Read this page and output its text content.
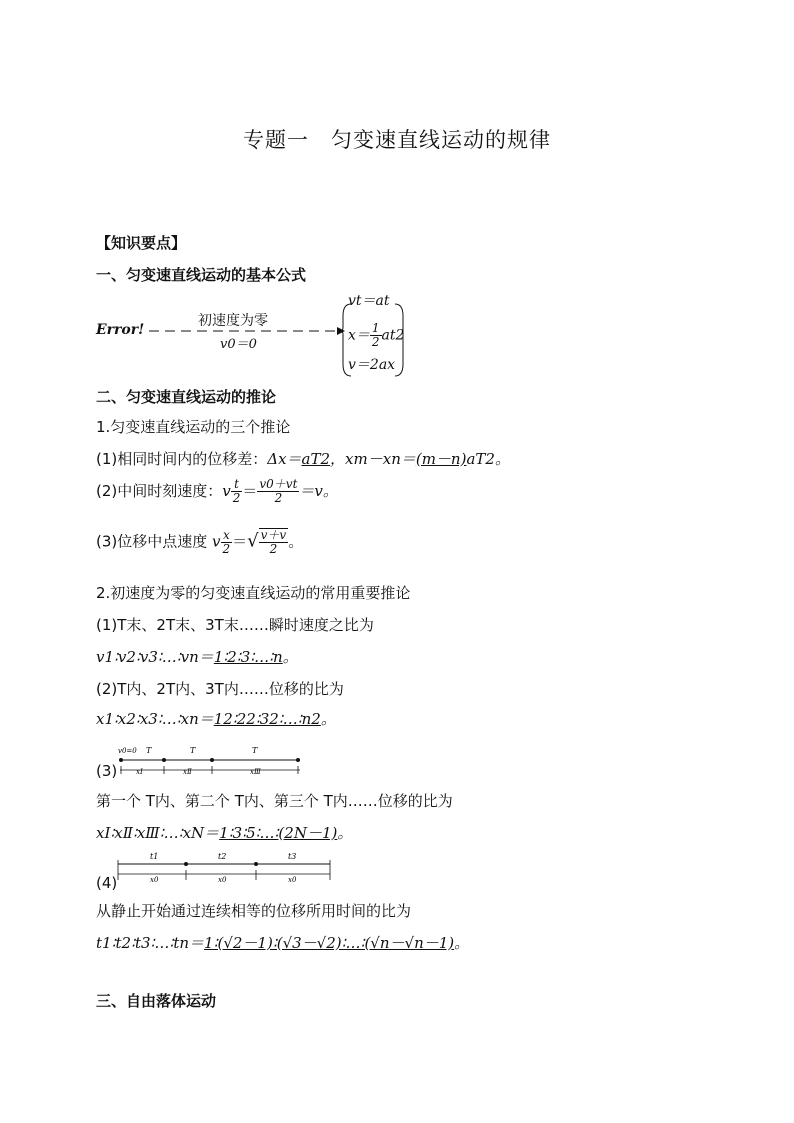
专题一　匀变速直线运动的规律
【知识要点】
一、匀变速直线运动的基本公式
Error!
初速度为零
v0＝0
vt＝at
$x= \frac{1}{2} at2$
v＝2ax
二、匀变速直线运动的推论
1.匀变速直线运动的三个推论
(1)相同时间内的位移差：Δx＝aT2，xm－xn＝(m－n)aT2。
(2)中间时刻速度：v $\frac{t}{2} = \frac{v0+vt}{2} =v$。
(3)位移中点速度 v $\frac{x}{2}$ ＝√ $\frac{v+v}{2}$ 。
2.初速度为零的匀变速直线运动的常用重要推论
(1)T末、2T末、3T末……瞬时速度之比为
v1∶v2∶v3∶…∶vn＝1∶2∶3∶…∶n。
(2)T内、2T内、3T内……位移的比为
x1∶x2∶x3∶…∶xn＝12∶22∶32∶…∶n2。
(3)
v0=0 T	T	T
xⅠ	xⅡ	xⅢ
第一个 T内、第二个 T内、第三个 T内……位移的比为
xⅠ∶xⅡ∶xⅢ∶…∶xN＝1∶3∶5∶…∶(2N－1)。
(4)
t1	t2	t3
x0	x0	x0
从静止开始通过连续相等的位移所用时间的比为
t1∶t2∶t3∶…∶tn＝1∶(√2－1)∶(√3－√2)∶…∶(√n－√n－1)。
三、自由落体运动
